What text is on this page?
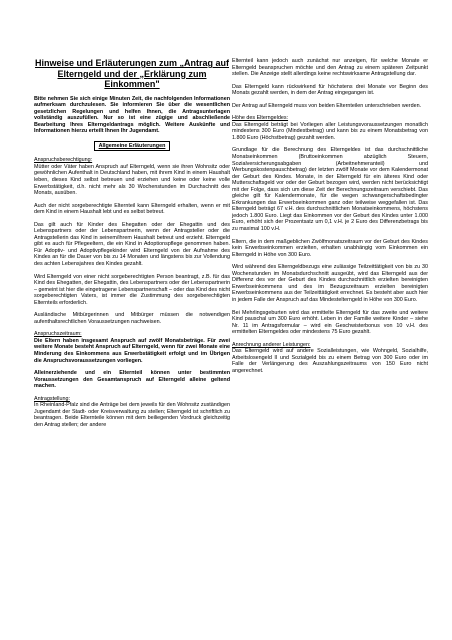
Hinweise und Erläuterungen zum „Antrag auf Elterngeld und der „Erklärung zum Einkommen"

Bitte nehmen Sie sich einige Minuten Zeit, die nachfolgenden Informationen aufmerksam durchzulesen. Sie informieren Sie über die wesentlichen gesetzlichen Regelungen und helfen Ihnen, die Antragsunterlagen vollständig auszufüllen. Nur so ist eine zügige und abschließende Bearbeitung Ihres Elterngeldantrags möglich. Weitere Auskünfte und Informationen hierzu erteilt Ihnen Ihr Jugendamt.

Allgemeine Erläuterungen
Anspruchsberechtigung:

Mütter oder Väter haben Anspruch auf Elterngeld, wenn sie ihren Wohnsitz oder gewöhnlichen Aufenthalt in Deutschland haben, mit ihrem Kind in einem Haushalt leben, dieses Kind selbst betreuen und erziehen und keine oder keine volle Erwerbstätigkeit, d.h. nicht mehr als 30 Wochenstunden im Durchschnitt des Monats, ausüben.

Auch der nicht sorgeberechtigte Elternteil kann Elterngeld erhalten, wenn er mit dem Kind in einem Haushalt lebt und es selbst betreut.

Das gilt auch für Kinder des Ehegatten oder der Ehegattin und des Lebenspartners oder der Lebenspartnerin, wenn der Antragsteller oder die Antragstellerin das Kind in seinem/ihrem Haushalt betreut und erzieht. Elterngeld gibt es auch für Pflegeeltern, die ein Kind in Adoptionspflege genommen haben. Für Adoptiv- und Adoptivpflegekinder wird Elterngeld von der Aufnahme des Kindes an für die Dauer von bis zu 14 Monaten und längstens bis zur Vollendung des achten Lebensjahres des Kindes gezahlt.

Wird Elterngeld von einer nicht sorgeberechtigten Person beantragt, z.B. für das Kind des Ehegatten, der Ehegattin, des Lebenspartners oder der Lebenspartnerin – gemeint ist hier die eingetragene Lebenspartnerschaft – oder das Kind des nicht sorgeberechtigten Vaters, ist immer die Zustimmung des sorgeberechtigten Elternteils erforderlich.

Ausländische Mitbürgerinnen und Mitbürger müssen die notwendigen aufenthaltsrechtlichen Voraussetzungen nachweisen.

Anspruchszeitraum:

Die Eltern haben insgesamt Anspruch auf zwölf Monatsbeträge. Für zwei weitere Monate besteht Anspruch auf Elterngeld, wenn für zwei Monate eine Minderung des Einkommens aus Erwerbstätigkeit erfolgt und im Übrigen die Anspruchsvoraussetzungen vorliegen.

Alleinerziehende und ein Elternteil können unter bestimmten Voraussetzungen den Gesamtanspruch auf Elterngeld alleine geltend machen.

Antragstellung:

In Rheinland-Pfalz sind die Anträge bei dem jeweils für den Wohnsitz zuständigen Jugendamt der Stadt- oder Kreisverwaltung zu stellen; Elterngeld ist schriftlich zu beantragen. Beide Elternteile können mit dem beiliegenden Vordruck gleichzeitig den Antrag stellen; der andere

Elternteil kann jedoch auch zunächst nur anzeigen, für welche Monate er Elterngeld beanspruchen möchte und den Antrag zu einem späteren Zeitpunkt stellen. Die Anzeige stellt allerdings keine rechtswirksame Antragstellung dar.

Das Elterngeld kann rückwirkend für höchstens drei Monate vor Beginn des Monats gezahlt werden, in dem der Antrag eingegangen ist.

Der Antrag auf Elterngeld muss von beiden Elternteilen unterschrieben werden.

Höhe des Elterngeldes:

Das Elterngeld beträgt bei Vorliegen aller Leistungsvoraussetzungen monatlich mindestens 300 Euro (Mindestbetrag) und kann bis zu einem Monatsbetrag von 1.800 Euro (Höchstbetrag) gezahlt werden.

Grundlage für die Berechnung des Elterngeldes ist das durchschnittliche Monatseinkommen (Bruttoeinkommen abzüglich Steuern, Sozialversicherungsabgaben (Arbeitnehmeranteil) und Werbungskostenpauschbetrag) der letzten zwölf Monate vor dem Kalendermonat der Geburt des Kindes. Monate, in der Elterngeld für ein älteres Kind oder Mutterschaftsgeld vor oder der Geburt bezogen wird, werden nicht berücksichtigt mit der Folge, dass sich um diese Zeit der Berechnungszeitraum verschiebt. Das gleiche gilt für Kalendermonate, für die wegen schwangerschaftsbedingter Erkrankungen das Erwerbseinkommen ganz oder teilweise weggefallen ist. Das Elterngeld beträgt 67 v.H. des durchschnittlichen Monatseinkommens, höchstens jedoch 1.800 Euro. Liegt das Einkommen vor der Geburt des Kindes unter 1.000 Euro, erhöht sich der Prozentsatz um 0,1 v.H. je 2 Euro des Differenzbetrags bis zu maximal 100 v.H.

Eltern, die in dem maßgeblichen Zwölfmonatszeitraum vor der Geburt des Kindes kein Erwerbseinkommen erzielten, erhalten unabhängig vom Einkommen ein Elterngeld in Höhe von 300 Euro.

Wird während des Elterngeldbezugs eine zulässige Teilzeittätigkeit von bis zu 30 Wochenstunden im Monatsdurchschnitt ausgeübt, wird das Elterngeld aus der Differenz des vor der Geburt des Kindes durchschnittlich erzielten bereinigten Erwerbseinkommens und des im Bezugszeitraum erzielten bereinigten Erwerbseinkommens aus der Teilzeittätigkeit errechnet. Es besteht aber auch hier in jedem Falle der Anspruch auf das Mindestelterngeld in Höhe von 300 Euro.

Bei Mehrlingsgeburten wird das ermittelte Elterngeld für das zweite und weitere Kind pauschal um 300 Euro erhöht. Leben in der Familie weitere Kinder – siehe Nr. 11 im Antragsformular – wird ein Geschwisterbonus von 10 v.H. des ermittelten Elterngeldes oder mindestens 75 Euro gezahlt.

Anrechnung anderer Leistungen:

Das Elterngeld wird auf andere Sozialleistungen, wie Wohngeld, Sozialhilfe, Arbeitslosengeld II und Sozialgeld bis zu einem Betrag von 300 Euro oder im Falle der Verlängerung des Auszahlungszeitraums von 150 Euro nicht angerechnet.
